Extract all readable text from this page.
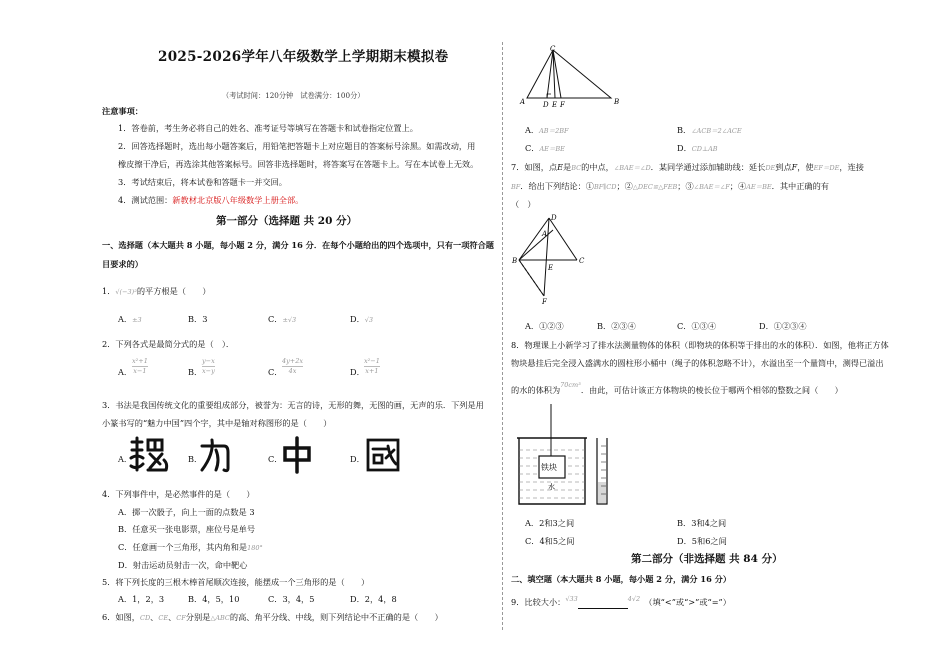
2025-2026学年八年级数学上学期期末模拟卷
（考试时间：120分钟　试卷满分：100分）
注意事项：
1．答卷前，考生务必将自己的姓名、准考证号等填写在答题卡和试卷指定位置上。
2．回答选择题时，选出每小题答案后，用铅笔把答题卡上对应题目的答案标号涂黑。如需改动，用
橡皮擦干净后，再选涂其他答案标号。回答非选择题时，将答案写在答题卡上。写在本试卷上无效。
3．考试结束后，将本试卷和答题卡一并交回。
4．测试范围：新教材北京版八年级数学上册全部。
第一部分（选择题 共 20 分）
一、选择题（本大题共 8 小题，每小题 2 分，满分 16 分．在每个小题给出的四个选项中，只有一项符合题
目要求的）
1．√(−3)²的平方根是（　　）
A．±3	B．3	C．±√3	D．√3
2．下列各式是最简分式的是（　）．
A．
x²+1
x−1	B．
y−x
x−y	C．
4y+2x
4x	D．
x²−1
x+1
3．书法是我国传统文化的重要组成部分，被誉为：无言的诗，无形的舞，无图的画，无声的乐．下列是用
小篆书写的“魅力中国”四个字，其中是轴对称图形的是（　　）
A．	B．	C．	D．
4．下列事件中，是必然事件的是（　　）
A．掷一次骰子，向上一面的点数是 3
B．任意买一张电影票，座位号是单号
C．任意画一个三角形，其内角和是180°
D．射击运动员射击一次，命中靶心
5．将下列长度的三根木棒首尾顺次连接，能摆成一个三角形的是（　　）
A．1，2，3	B．4，5，10	C．3，4，5	D．2，4，8
6．如图，CD、CE、CF分别是△ABC的高、角平分线、中线，则下列结论中不正确的是（　　）
C
A	D E F	B
A．AB＝2BF	B．∠ACB＝2∠ACE
C．AE＝BE	D．CD⊥AB
7．如图，点E是BC的中点，∠BAE＝∠D．某同学通过添加辅助线：延长DE到点F，使EF＝DE，连接
BF．给出下列结论：①BF∥CD；②△DEC≌△FEB；③∠BAE＝∠F；④AE＝BE．其中正确的有
（　）
D
A
B
E
C
F
A．①②③	B．②③④	C．①③④	D．①②③④
8．物理课上小新学习了排水法测量物体的体积（即物块的体积等于排出的水的体积）．如图，他将正方体
物块悬挂后完全浸入盛满水的圆柱形小桶中（绳子的体积忽略不计），水溢出至一个量筒中，测得已溢出
的水的体积为$^{70cm^3}$．由此，可估计该正方体物块的棱长位于哪两个相邻的整数之间（　　）
铁块
水
A．2和3之间	B．3和4之间
C．4和5之间	D．5和6之间
第二部分（非选择题 共 84 分）
二、填空题（本大题共 8 小题，每小题 2 分，满分 16 分）
9．比较大小：$^{√33}$	$^{4√2}$　 （填“<”或“>”或“=”）
